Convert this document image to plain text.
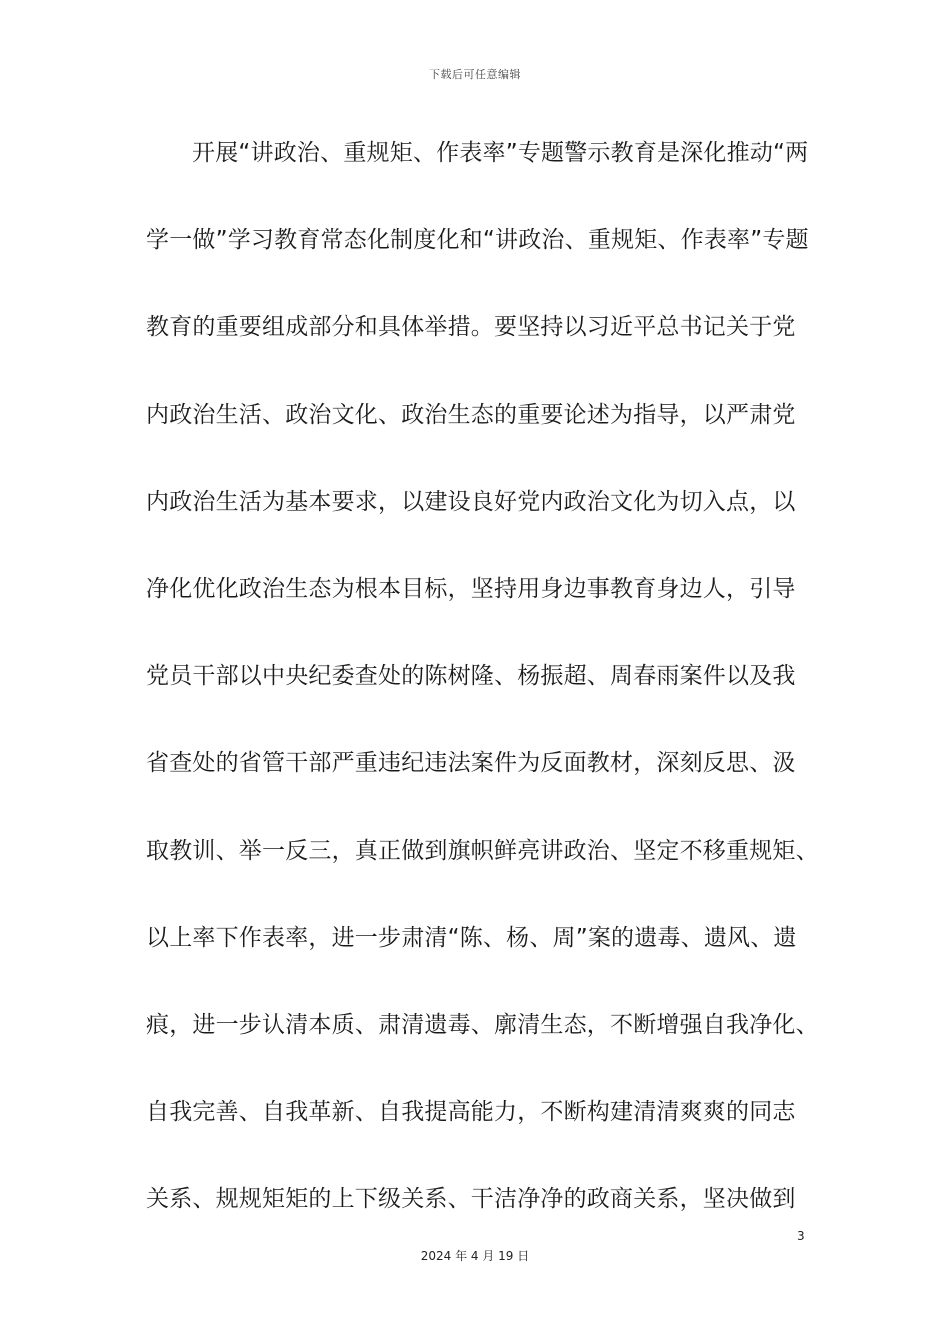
下载后可任意编辑
开展“讲政治、重规矩、作表率”专题警示教育是深化推动“两
学一做”学习教育常态化制度化和“讲政治、重规矩、作表率”专题
教育的重要组成部分和具体举措。要坚持以习近平总书记关于党
内政治生活、政治文化、政治生态的重要论述为指导，以严肃党
内政治生活为基本要求，以建设良好党内政治文化为切入点，以
净化优化政治生态为根本目标，坚持用身边事教育身边人，引导
党员干部以中央纪委查处的陈树隆、杨振超、周春雨案件以及我
省查处的省管干部严重违纪违法案件为反面教材，深刻反思、汲
取教训、举一反三，真正做到旗帜鲜亮讲政治、坚定不移重规矩、
以上率下作表率，进一步肃清“陈、杨、周”案的遗毒、遗风、遗
痕，进一步认清本质、肃清遗毒、廓清生态，不断增强自我净化、
自我完善、自我革新、自我提高能力，不断构建清清爽爽的同志
关系、规规矩矩的上下级关系、干洁净净的政商关系，坚决做到
3
2024 年 4 月 19 日
